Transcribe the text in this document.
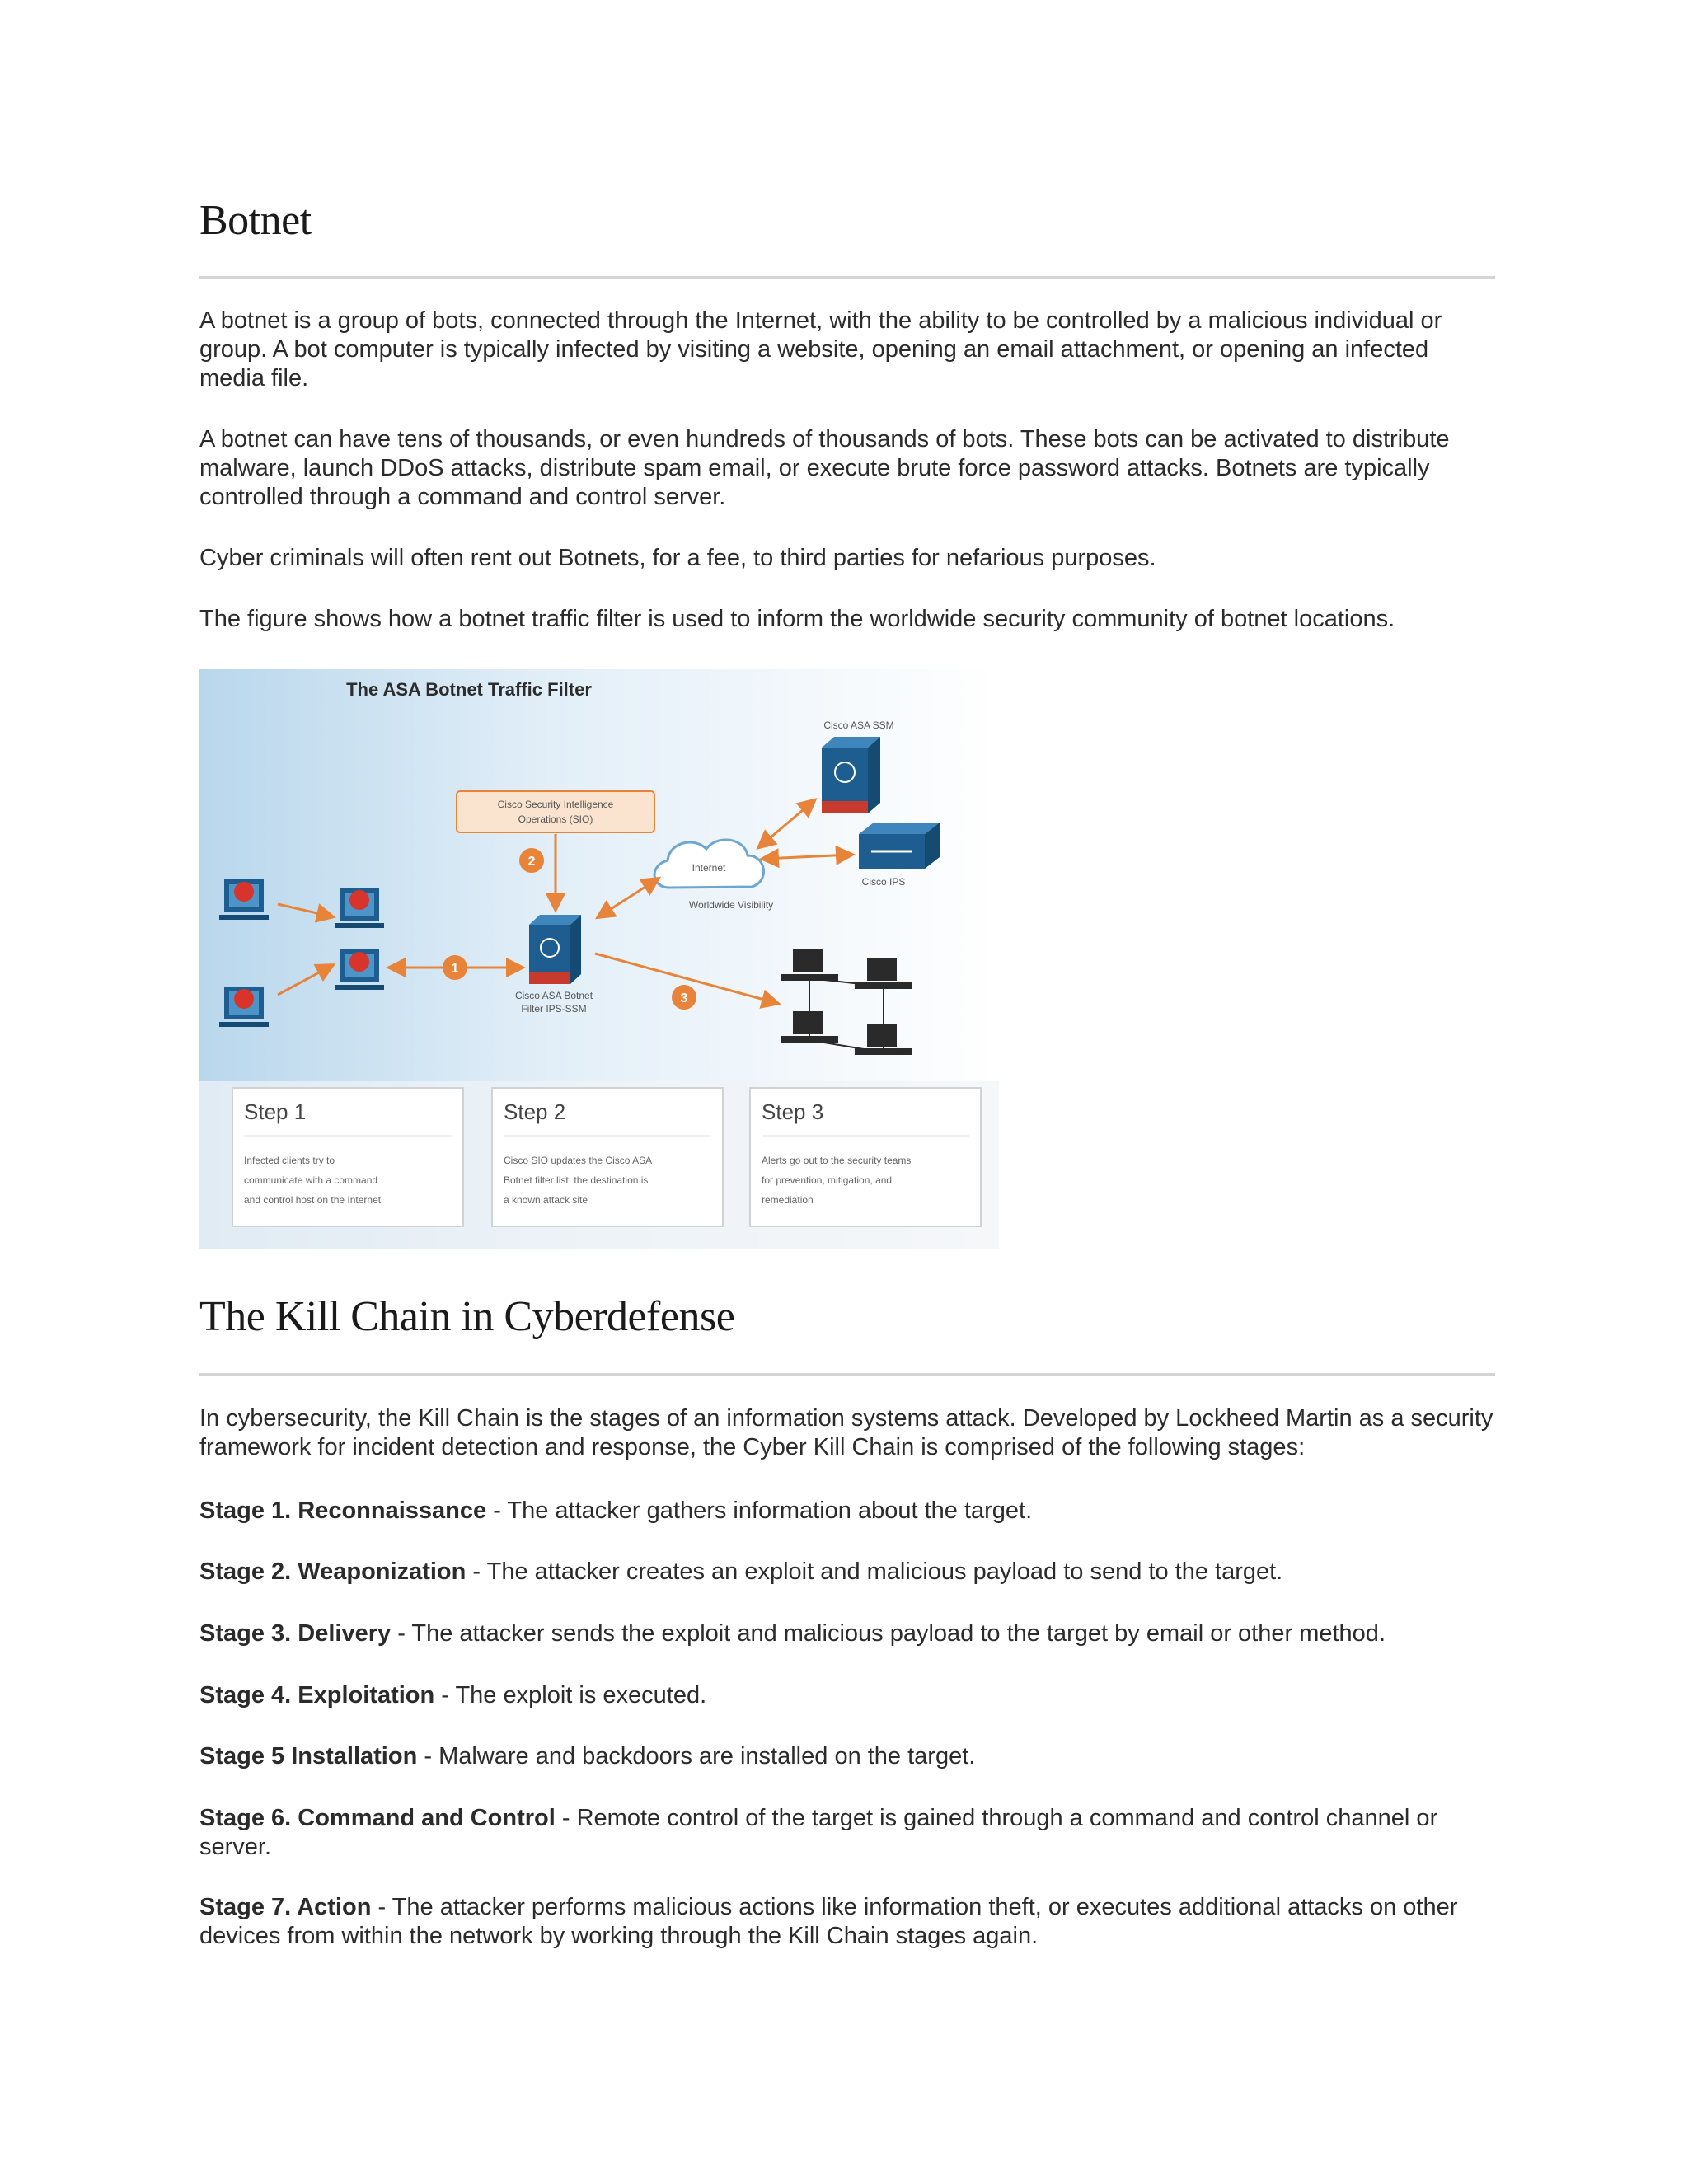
Botnet

A botnet is a group of bots, connected through the Internet, with the ability to be controlled by a malicious individual or group. A bot computer is typically infected by visiting a website, opening an email attachment, or opening an infected media file.

A botnet can have tens of thousands, or even hundreds of thousands of bots. These bots can be activated to distribute malware, launch DDoS attacks, distribute spam email, or execute brute force password attacks. Botnets are typically controlled through a command and control server.

Cyber criminals will often rent out Botnets, for a fee, to third parties for nefarious purposes.

The figure shows how a botnet traffic filter is used to inform the worldwide security community of botnet locations.

The ASA Botnet Traffic Filter
Cisco Security Intelligence
Operations (SIO)
Internet
Worldwide Visibility
Cisco ASA SSM
Cisco IPS
Cisco ASA Botnet
Filter IPS-SSM
1
2
3
Step 1
Infected clients try to
communicate with a command
and control host on the Internet
Step 2
Cisco SIO updates the Cisco ASA
Botnet filter list; the destination is
a known attack site
Step 3
Alerts go out to the security teams
for prevention, mitigation, and
remediation
The Kill Chain in Cyberdefense

In cybersecurity, the Kill Chain is the stages of an information systems attack. Developed by Lockheed Martin as a security framework for incident detection and response, the Cyber Kill Chain is comprised of the following stages:

Stage 1. Reconnaissance - The attacker gathers information about the target.

Stage 2. Weaponization - The attacker creates an exploit and malicious payload to send to the target.

Stage 3. Delivery - The attacker sends the exploit and malicious payload to the target by email or other method.

Stage 4. Exploitation - The exploit is executed.

Stage 5 Installation - Malware and backdoors are installed on the target.

Stage 6. Command and Control - Remote control of the target is gained through a command and control channel or server.

Stage 7. Action - The attacker performs malicious actions like information theft, or executes additional attacks on other devices from within the network by working through the Kill Chain stages again.
